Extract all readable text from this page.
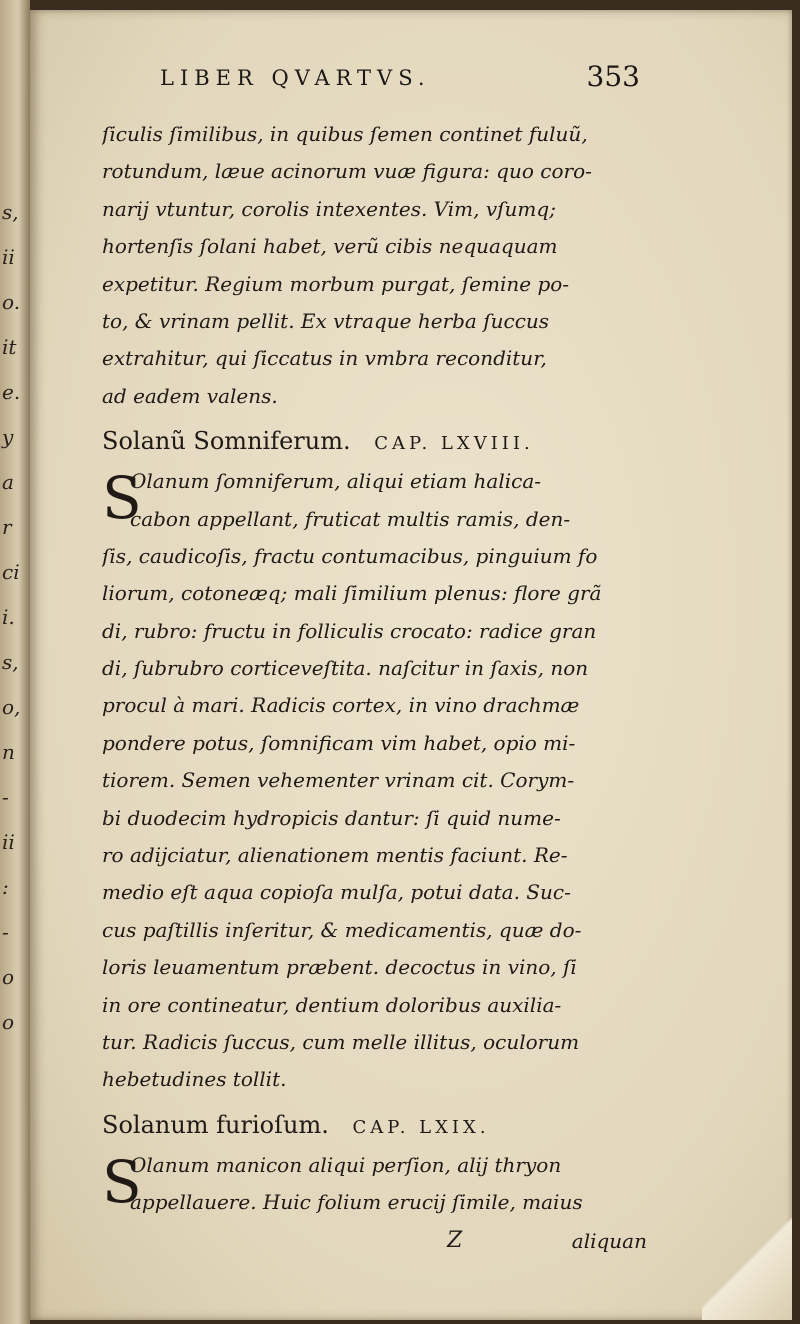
s,
ii
o.
it
e.
y
a
r
ci
i.
s,
o,
n
-
ii
:
-
o
o
LIBER QVARTVS.	353
ſiculis ſimilibus, in quibus ſemen continet fuluũ,
rotundum, læue acinorum vuæ figura: quo coro-
narij vtuntur, corolis intexentes. Vim, vſumq;
hortenſis ſolani habet, verũ cibis nequaquam
expetitur. Regium morbum purgat, ſemine po-
to, & vrinam pellit. Ex vtraque herba ſuccus
extrahitur, qui ſiccatus in vmbra reconditur,
ad eadem valens.
Solanũ Somniferum. CAP. LXVIII.
S
Olanum ſomniferum, aliqui etiam halica-
cabon appellant, fruticat multis ramis, den-
ſis, caudicoſis, fractu contumacibus, pinguium fo
liorum, cotoneæq; mali ſimilium plenus: flore grã
di, rubro: fructu in folliculis crocato: radice gran
di, ſubrubro corticeveſtita. naſcitur in ſaxis, non
procul à mari. Radicis cortex, in vino drachmæ
pondere potus, ſomnificam vim habet, opio mi-
tiorem. Semen vehementer vrinam cit. Corym-
bi duodecim hydropicis dantur: ſi quid nume-
ro adijciatur, alienationem mentis faciunt. Re-
medio eſt aqua copioſa mulſa, potui data. Suc-
cus paſtillis inſeritur, & medicamentis, quæ do-
loris leuamentum præbent. decoctus in vino, ſi
in ore contineatur, dentium doloribus auxilia-
tur. Radicis ſuccus, cum melle illitus, oculorum
hebetudines tollit.
Solanum furioſum. CAP. LXIX.
S
Olanum manicon aliqui perſion, alij thryon
appellauere. Huic folium erucij ſimile, maius
Z	aliquan
